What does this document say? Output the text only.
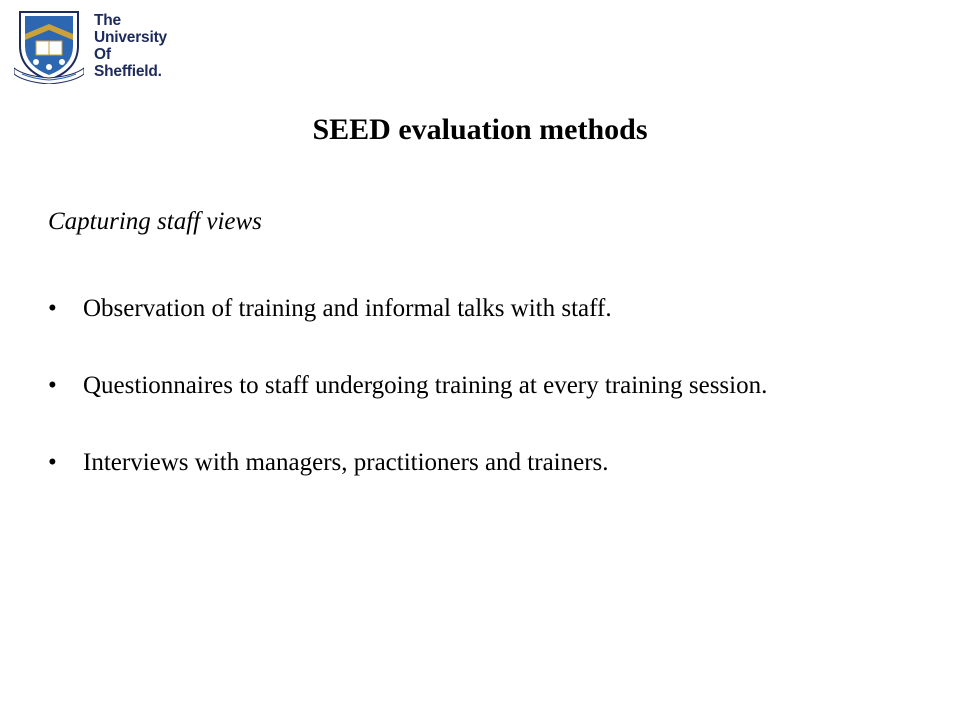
The
University
Of
Sheffield.
SEED evaluation methods

Capturing staff views

• Observation of training and informal talks with staff.
• Questionnaires to staff undergoing training at every training session.
• Interviews with managers, practitioners and trainers.
